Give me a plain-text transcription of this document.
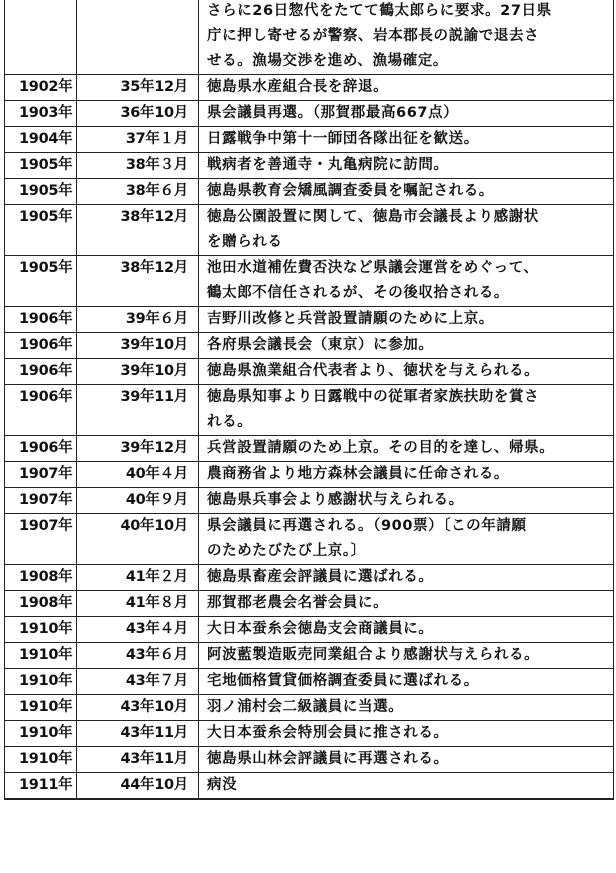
		さらに26日惣代をたてて鶴太郎らに要求。27日県
庁に押し寄せるが警察、岩本郡長の説諭で退去さ
せる。漁場交渉を進め、漁場確定。

1902年	35年12月	徳島県水産組合長を辞退。

1903年	36年10月	県会議員再選。（那賀郡最高667点）

1904年	37年１月	日露戦争中第十一師団各隊出征を歓送。

1905年	38年３月	戦病者を善通寺・丸亀病院に訪問。

1905年	38年６月	徳島県教育会矯風調査委員を嘱記される。

1905年	38年12月	徳島公園設置に関して、徳島市会議長より感謝状
を贈られる

1905年	38年12月	池田水道補佐費否決など県議会運営をめぐって、
鶴太郎不信任されるが、その後収拾される。

1906年	39年６月	吉野川改修と兵営設置請願のために上京。

1906年	39年10月	各府県会議長会（東京）に参加。

1906年	39年10月	徳島県漁業組合代表者より、徳状を与えられる。

1906年	39年11月	徳島県知事より日露戦中の従軍者家族扶助を賞さ
れる。

1906年	39年12月	兵営設置請願のため上京。その目的を達し、帰県。

1907年	40年４月	農商務省より地方森林会議員に任命される。

1907年	40年９月	徳島県兵事会より感謝状与えられる。

1907年	40年10月	県会議員に再選される。（900票）〔この年請願
のためたびたび上京。〕

1908年	41年２月	徳島県畜産会評議員に選ばれる。

1908年	41年８月	那賀郡老農会名誉会員に。

1910年	43年４月	大日本蚕糸会徳島支会商議員に。

1910年	43年６月	阿波藍製造販売同業組合より感謝状与えられる。

1910年	43年７月	宅地価格賃貸価格調査委員に選ばれる。

1910年	43年10月	羽ノ浦村会二級議員に当選。

1910年	43年11月	大日本蚕糸会特別会員に推される。

1910年	43年11月	徳島県山林会評議員に再選される。

1911年	44年10月	病没
